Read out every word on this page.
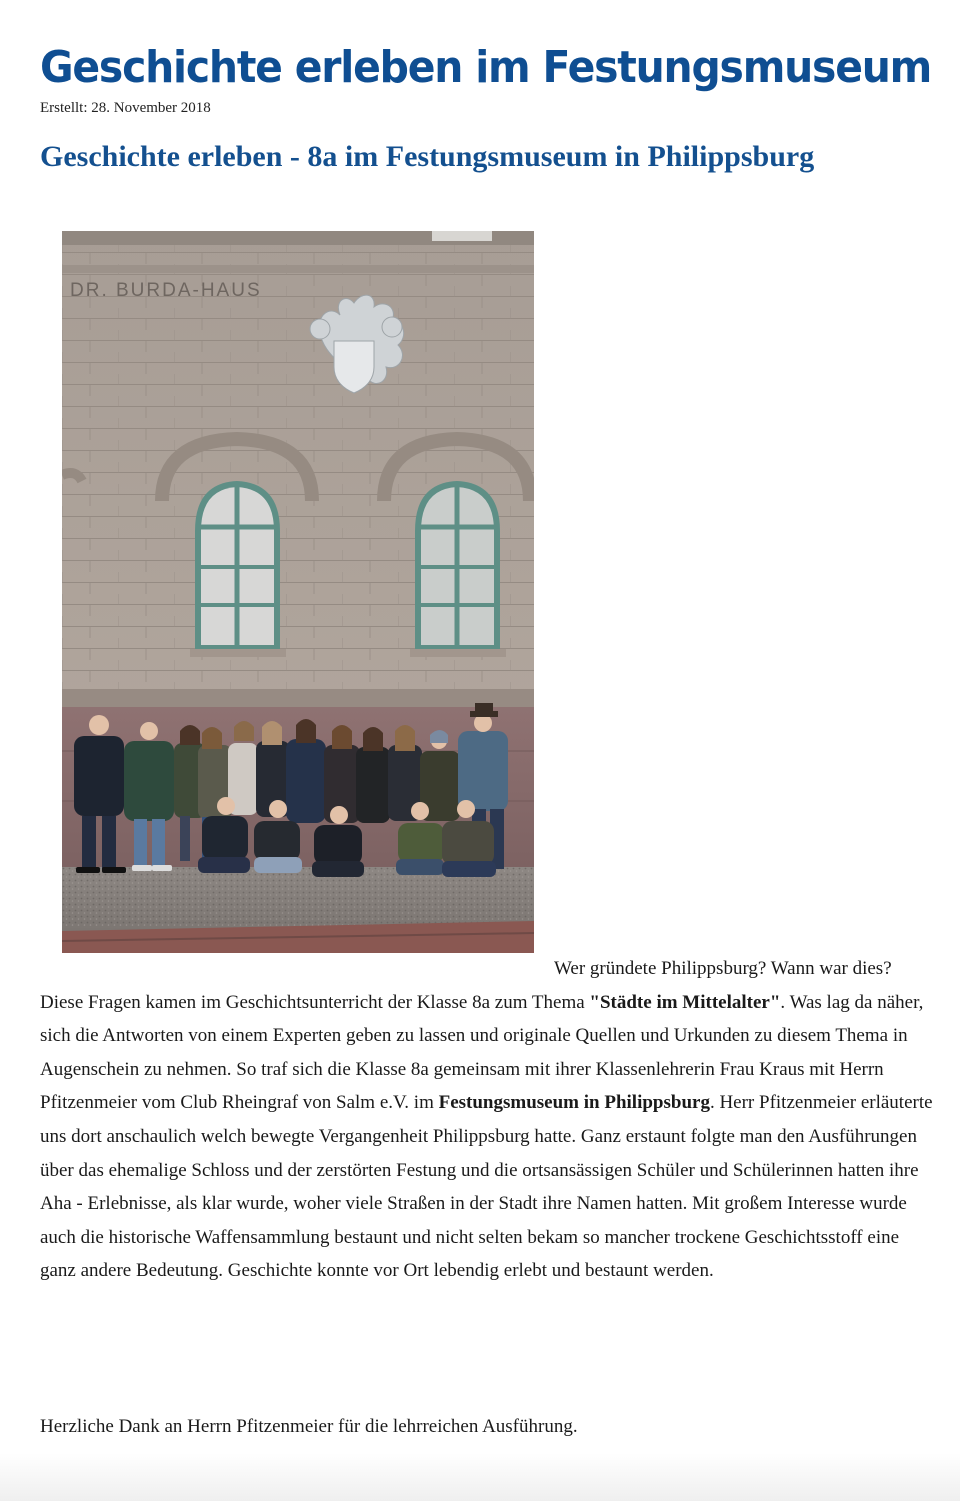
Geschichte erleben im Festungsmuseum
Erstellt: 28. November 2018
Geschichte erleben - 8a im Festungsmuseum in Philippsburg
DR. BURDA-HAUS

Wer gründete Philippsburg? Wann war dies? Diese Fragen kamen im Geschichtsunterricht der Klasse 8a zum Thema "Städte im Mittelalter". Was lag da näher, sich die Antworten von einem Experten geben zu lassen und originale Quellen und Urkunden zu diesem Thema in Augenschein zu nehmen. So traf sich die Klasse 8a gemeinsam mit ihrer Klassenlehrerin Frau Kraus mit Herrn Pfitzenmeier vom Club Rheingraf von Salm e.V. im Festungsmuseum in Philippsburg. Herr Pfitzenmeier erläuterte uns dort anschaulich welch bewegte Vergangenheit Philippsburg hatte. Ganz erstaunt folgte man den Ausführungen über das ehemalige Schloss und der zerstörten Festung und die ortsansässigen Schüler und Schülerinnen hatten ihre Aha - Erlebnisse, als klar wurde, woher viele Straßen in der Stadt ihre Namen hatten. Mit großem Interesse wurde auch die historische Waffensammlung bestaunt und nicht selten bekam so mancher trockene Geschichtsstoff eine ganz andere Bedeutung. Geschichte konnte vor Ort lebendig erlebt und bestaunt werden.

Herzliche Dank an Herrn Pfitzenmeier für die lehrreichen Ausführung.
